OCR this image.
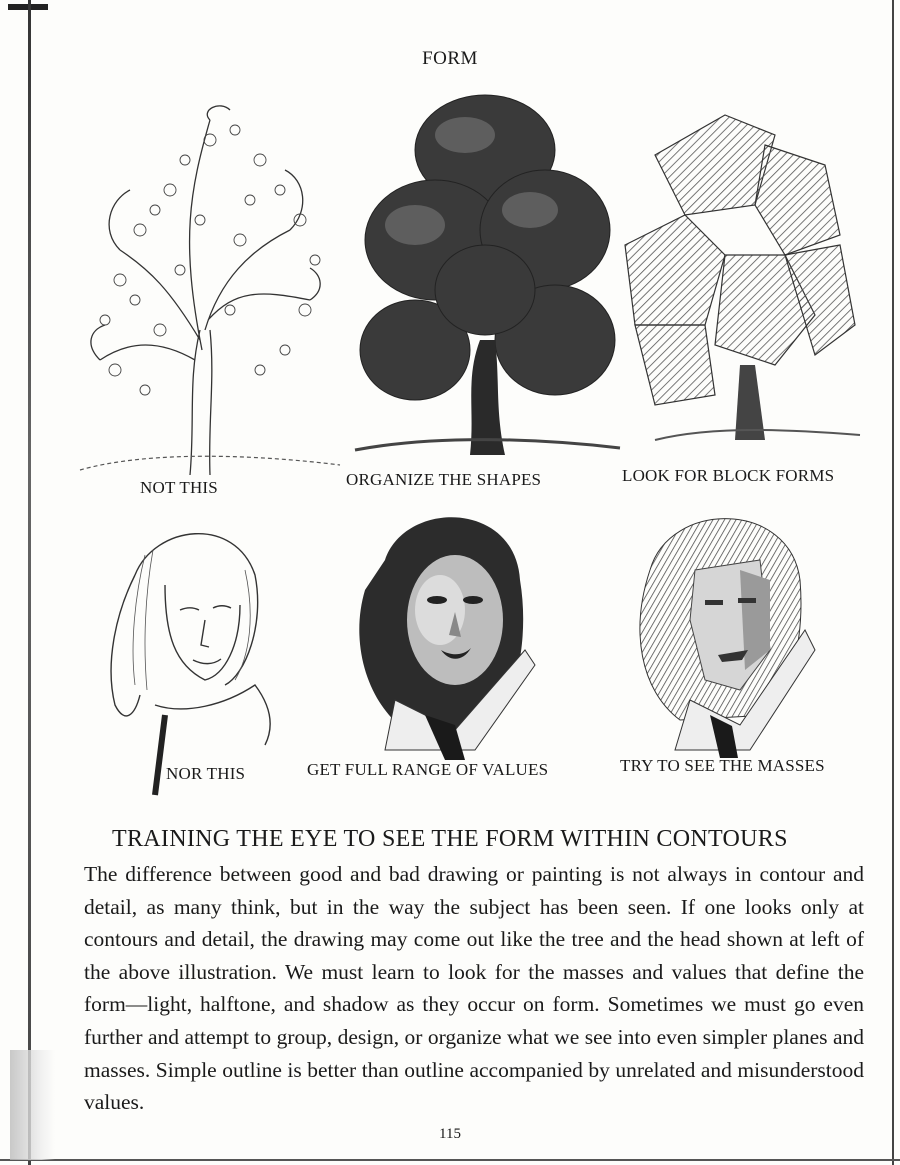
FORM
NOT THIS	ORGANIZE THE SHAPES	LOOK FOR BLOCK FORMS
NOR THIS	GET FULL RANGE OF VALUES	TRY TO SEE THE MASSES
TRAINING THE EYE TO SEE THE FORM WITHIN CONTOURS
The difference between good and bad drawing or painting is not always in contour and detail, as many think, but in the way the subject has been seen. If one looks only at contours and detail, the drawing may come out like the tree and the head shown at left of the above illustration. We must learn to look for the masses and values that define the form—light, halftone, and shadow as they occur on form. Sometimes we must go even further and attempt to group, design, or organize what we see into even simpler planes and masses. Simple outline is better than outline accompanied by unrelated and misunderstood values.
115
